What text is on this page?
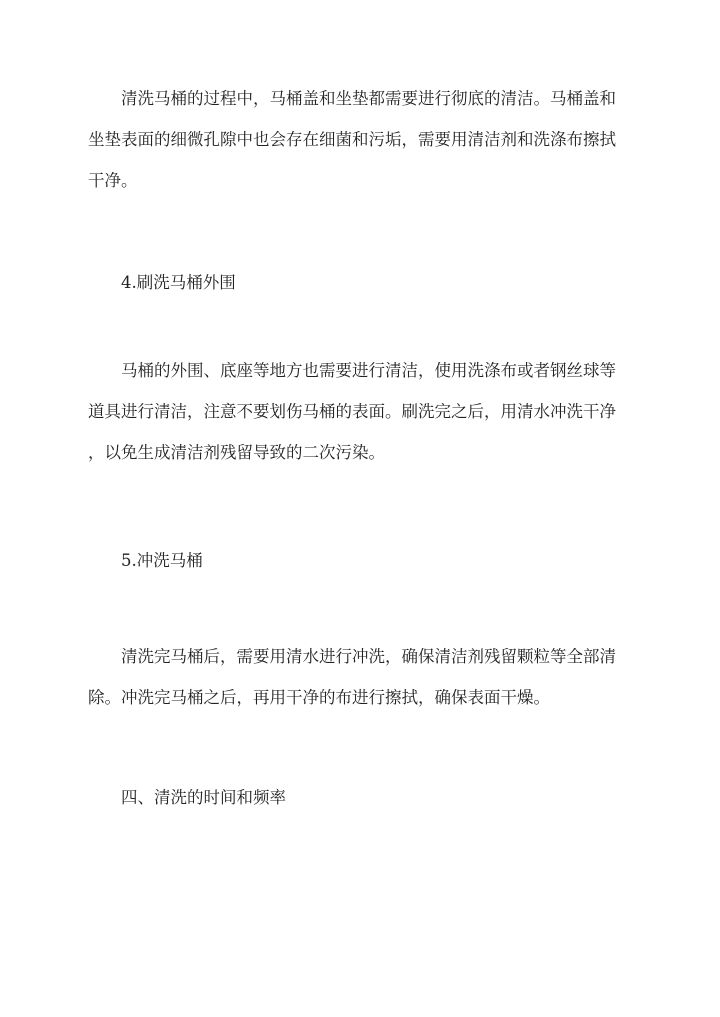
清洗马桶的过程中，马桶盖和坐垫都需要进行彻底的清洁。马桶盖和
坐垫表面的细微孔隙中也会存在细菌和污垢，需要用清洁剂和洗涤布擦拭
干净。
4.刷洗马桶外围
马桶的外围、底座等地方也需要进行清洁，使用洗涤布或者钢丝球等
道具进行清洁，注意不要划伤马桶的表面。刷洗完之后，用清水冲洗干净
，以免生成清洁剂残留导致的二次污染。
5.冲洗马桶
清洗完马桶后，需要用清水进行冲洗，确保清洁剂残留颗粒等全部清
除。冲洗完马桶之后，再用干净的布进行擦拭，确保表面干燥。
四、清洗的时间和频率
